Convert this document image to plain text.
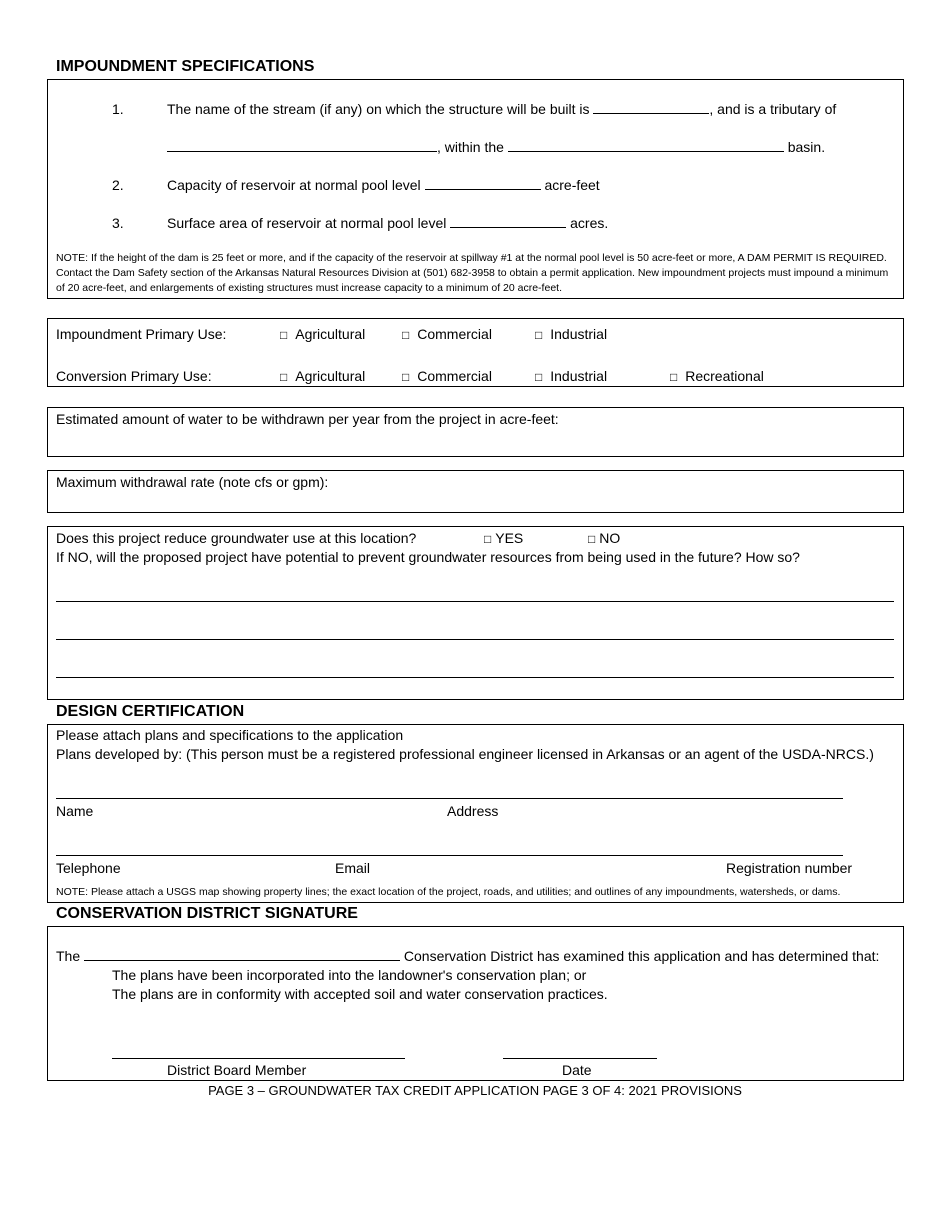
IMPOUNDMENT SPECIFICATIONS
1.	The name of the stream (if any) on which the structure will be built is	, and is a tributary of
, within the	basin.
2.	Capacity of reservoir at normal pool level	acre-feet
3.	Surface area of reservoir at normal pool level	acres.
NOTE: If the height of the dam is 25 feet or more, and if the capacity of the reservoir at spillway #1 at the normal pool level is 50 acre-feet or more, A DAM PERMIT IS REQUIRED. Contact the Dam Safety section of the Arkansas Natural Resources Division at (501) 682-3958 to obtain a permit application. New impoundment projects must impound a minimum of 20 acre-feet, and enlargements of existing structures must increase capacity to a minimum of 20 acre-feet.
Impoundment Primary Use:	□ Agricultural	□ Commercial	□ Industrial
Conversion Primary Use:	□ Agricultural	□ Commercial	□ Industrial	□ Recreational
Estimated amount of water to be withdrawn per year from the project in acre-feet:
Maximum withdrawal rate (note cfs or gpm):
Does this project reduce groundwater use at this location?	□ YES	□ NO
If NO, will the proposed project have potential to prevent groundwater resources from being used in the future? How so?
DESIGN CERTIFICATION
Please attach plans and specifications to the application
Plans developed by: (This person must be a registered professional engineer licensed in Arkansas or an agent of the USDA-NRCS.)
Name	Address
Telephone	Email	Registration number
NOTE: Please attach a USGS map showing property lines; the exact location of the project, roads, and utilities; and outlines of any impoundments, watersheds, or dams.
CONSERVATION DISTRICT SIGNATURE
The	Conservation District has examined this application and has determined that:
The plans have been incorporated into the landowner's conservation plan; or
The plans are in conformity with accepted soil and water conservation practices.
District Board Member	Date
PAGE 3 – GROUNDWATER TAX CREDIT APPLICATION PAGE 3 OF 4: 2021 PROVISIONS
